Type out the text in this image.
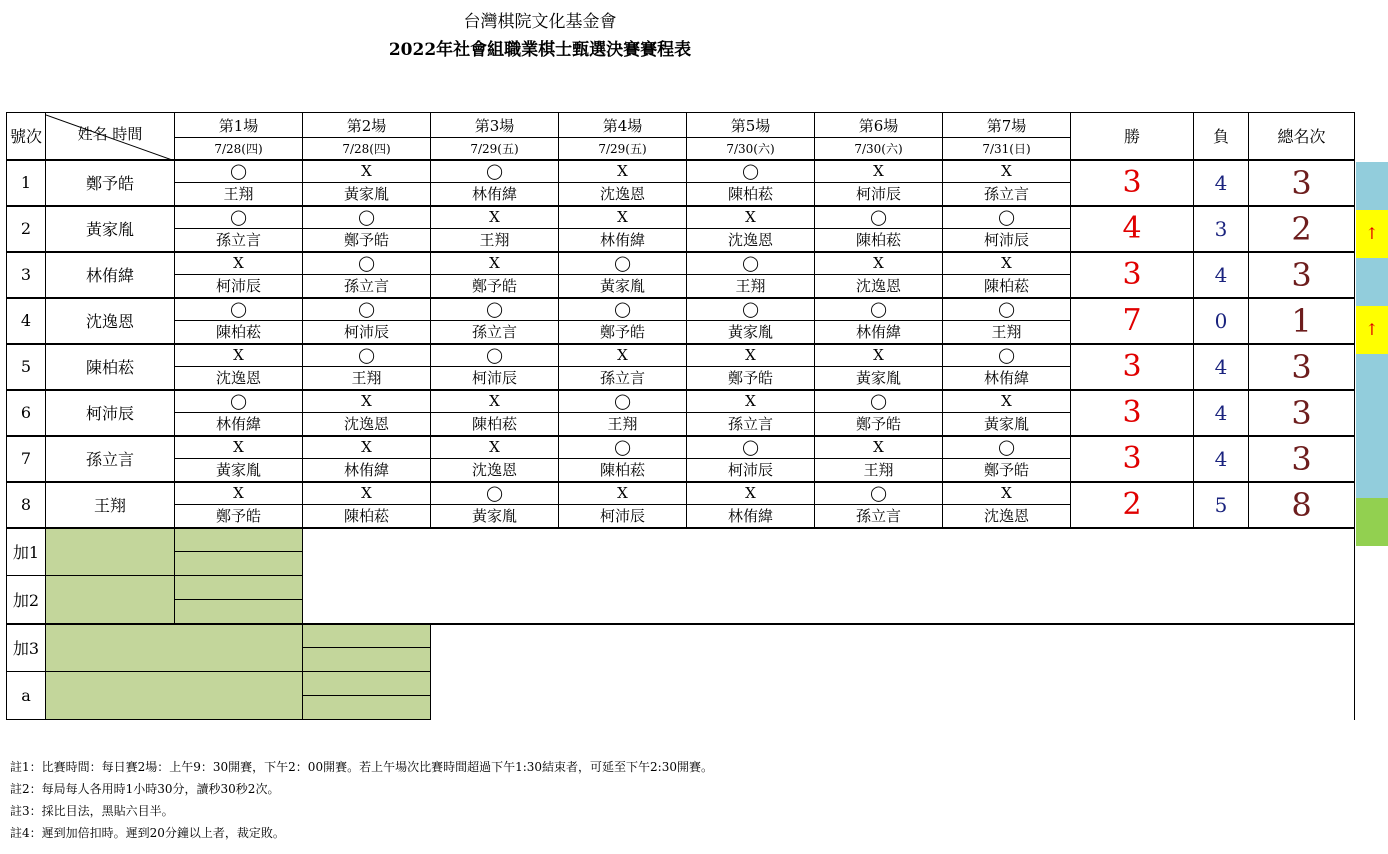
台灣棋院文化基金會
2022年社會組職業棋士甄選決賽賽程表
號次	姓名 時間	第1場	第2場	第3場	第4場	第5場	第6場	第7場	勝	負	總名次
		7/28(四)	7/28(四)	7/29(五)	7/29(五)	7/30(六)	7/30(六)	7/31(日)			
1	鄭予皓	◯	X	◯	X	◯	X	X	3	4	3
		王翔	黃家胤	林侑緯	沈逸恩	陳柏菘	柯沛辰	孫立言			
2	黃家胤	◯	◯	X	X	X	◯	◯	4	3	2
		孫立言	鄭予皓	王翔	林侑緯	沈逸恩	陳柏菘	柯沛辰			
3	林侑緯	X	◯	X	◯	◯	X	X	3	4	3
		柯沛辰	孫立言	鄭予皓	黃家胤	王翔	沈逸恩	陳柏菘			
4	沈逸恩	◯	◯	◯	◯	◯	◯	◯	7	0	1
		陳柏菘	柯沛辰	孫立言	鄭予皓	黃家胤	林侑緯	王翔			
5	陳柏菘	X	◯	◯	X	X	X	◯	3	4	3
		沈逸恩	王翔	柯沛辰	孫立言	鄭予皓	黃家胤	林侑緯			
6	柯沛辰	◯	X	X	◯	X	◯	X	3	4	3
		林侑緯	沈逸恩	陳柏菘	王翔	孫立言	鄭予皓	黃家胤			
7	孫立言	X	X	X	◯	◯	X	◯	3	4	3
		黃家胤	林侑緯	沈逸恩	陳柏菘	柯沛辰	王翔	鄭予皓			
8	王翔	X	X	◯	X	X	◯	X	2	5	8
		鄭予皓	陳柏菘	黃家胤	柯沛辰	林侑緯	孫立言	沈逸恩			
加1											

加2											

加3											

a											

↑
↑
註1：比賽時間：每日賽2場：上午9：30開賽，下午2：00開賽。若上午場次比賽時間超過下午1:30結束者，可延至下午2:30開賽。
註2：每局每人各用時1小時30分，讀秒30秒2次。
註3：採比目法，黑貼六目半。
註4：遲到加倍扣時。遲到20分鐘以上者，裁定敗。
